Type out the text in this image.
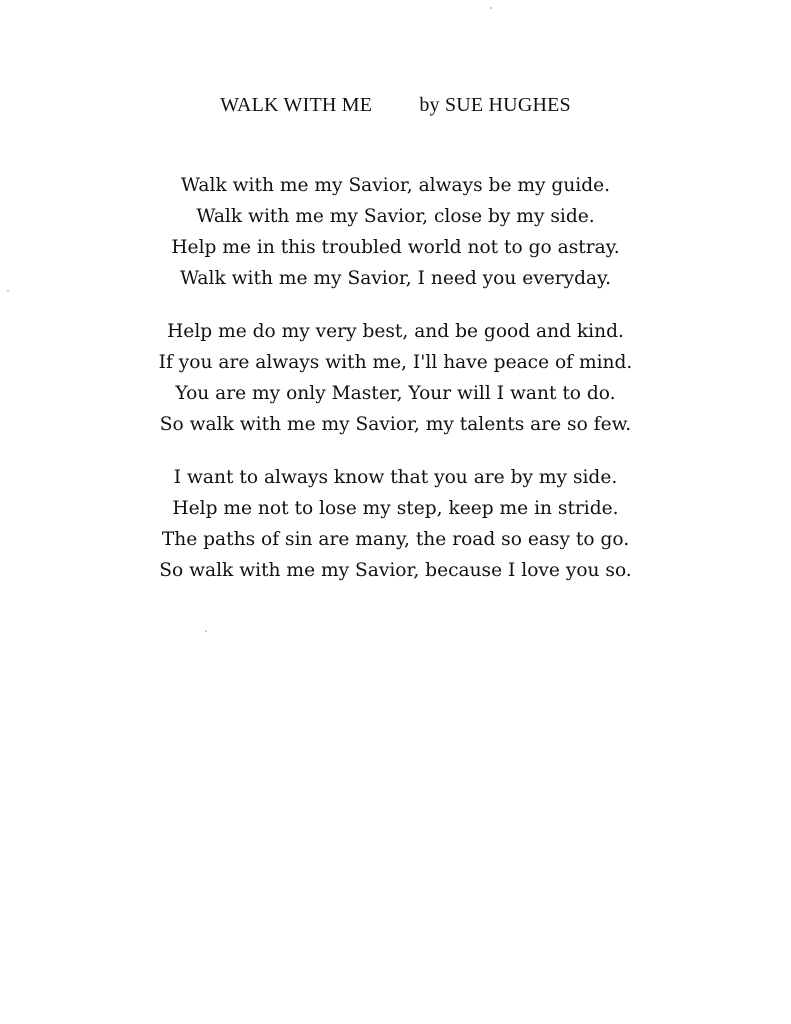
WALK WITH ME by SUE HUGHES
Walk with me my Savior, always be my guide.
Walk with me my Savior, close by my side.
Help me in this troubled world not to go astray.
Walk with me my Savior, I need you everyday.
Help me do my very best, and be good and kind.
If you are always with me, I'll have peace of mind.
You are my only Master, Your will I want to do.
So walk with me my Savior, my talents are so few.
I want to always know that you are by my side.
Help me not to lose my step, keep me in stride.
The paths of sin are many, the road so easy to go.
So walk with me my Savior, because I love you so.
